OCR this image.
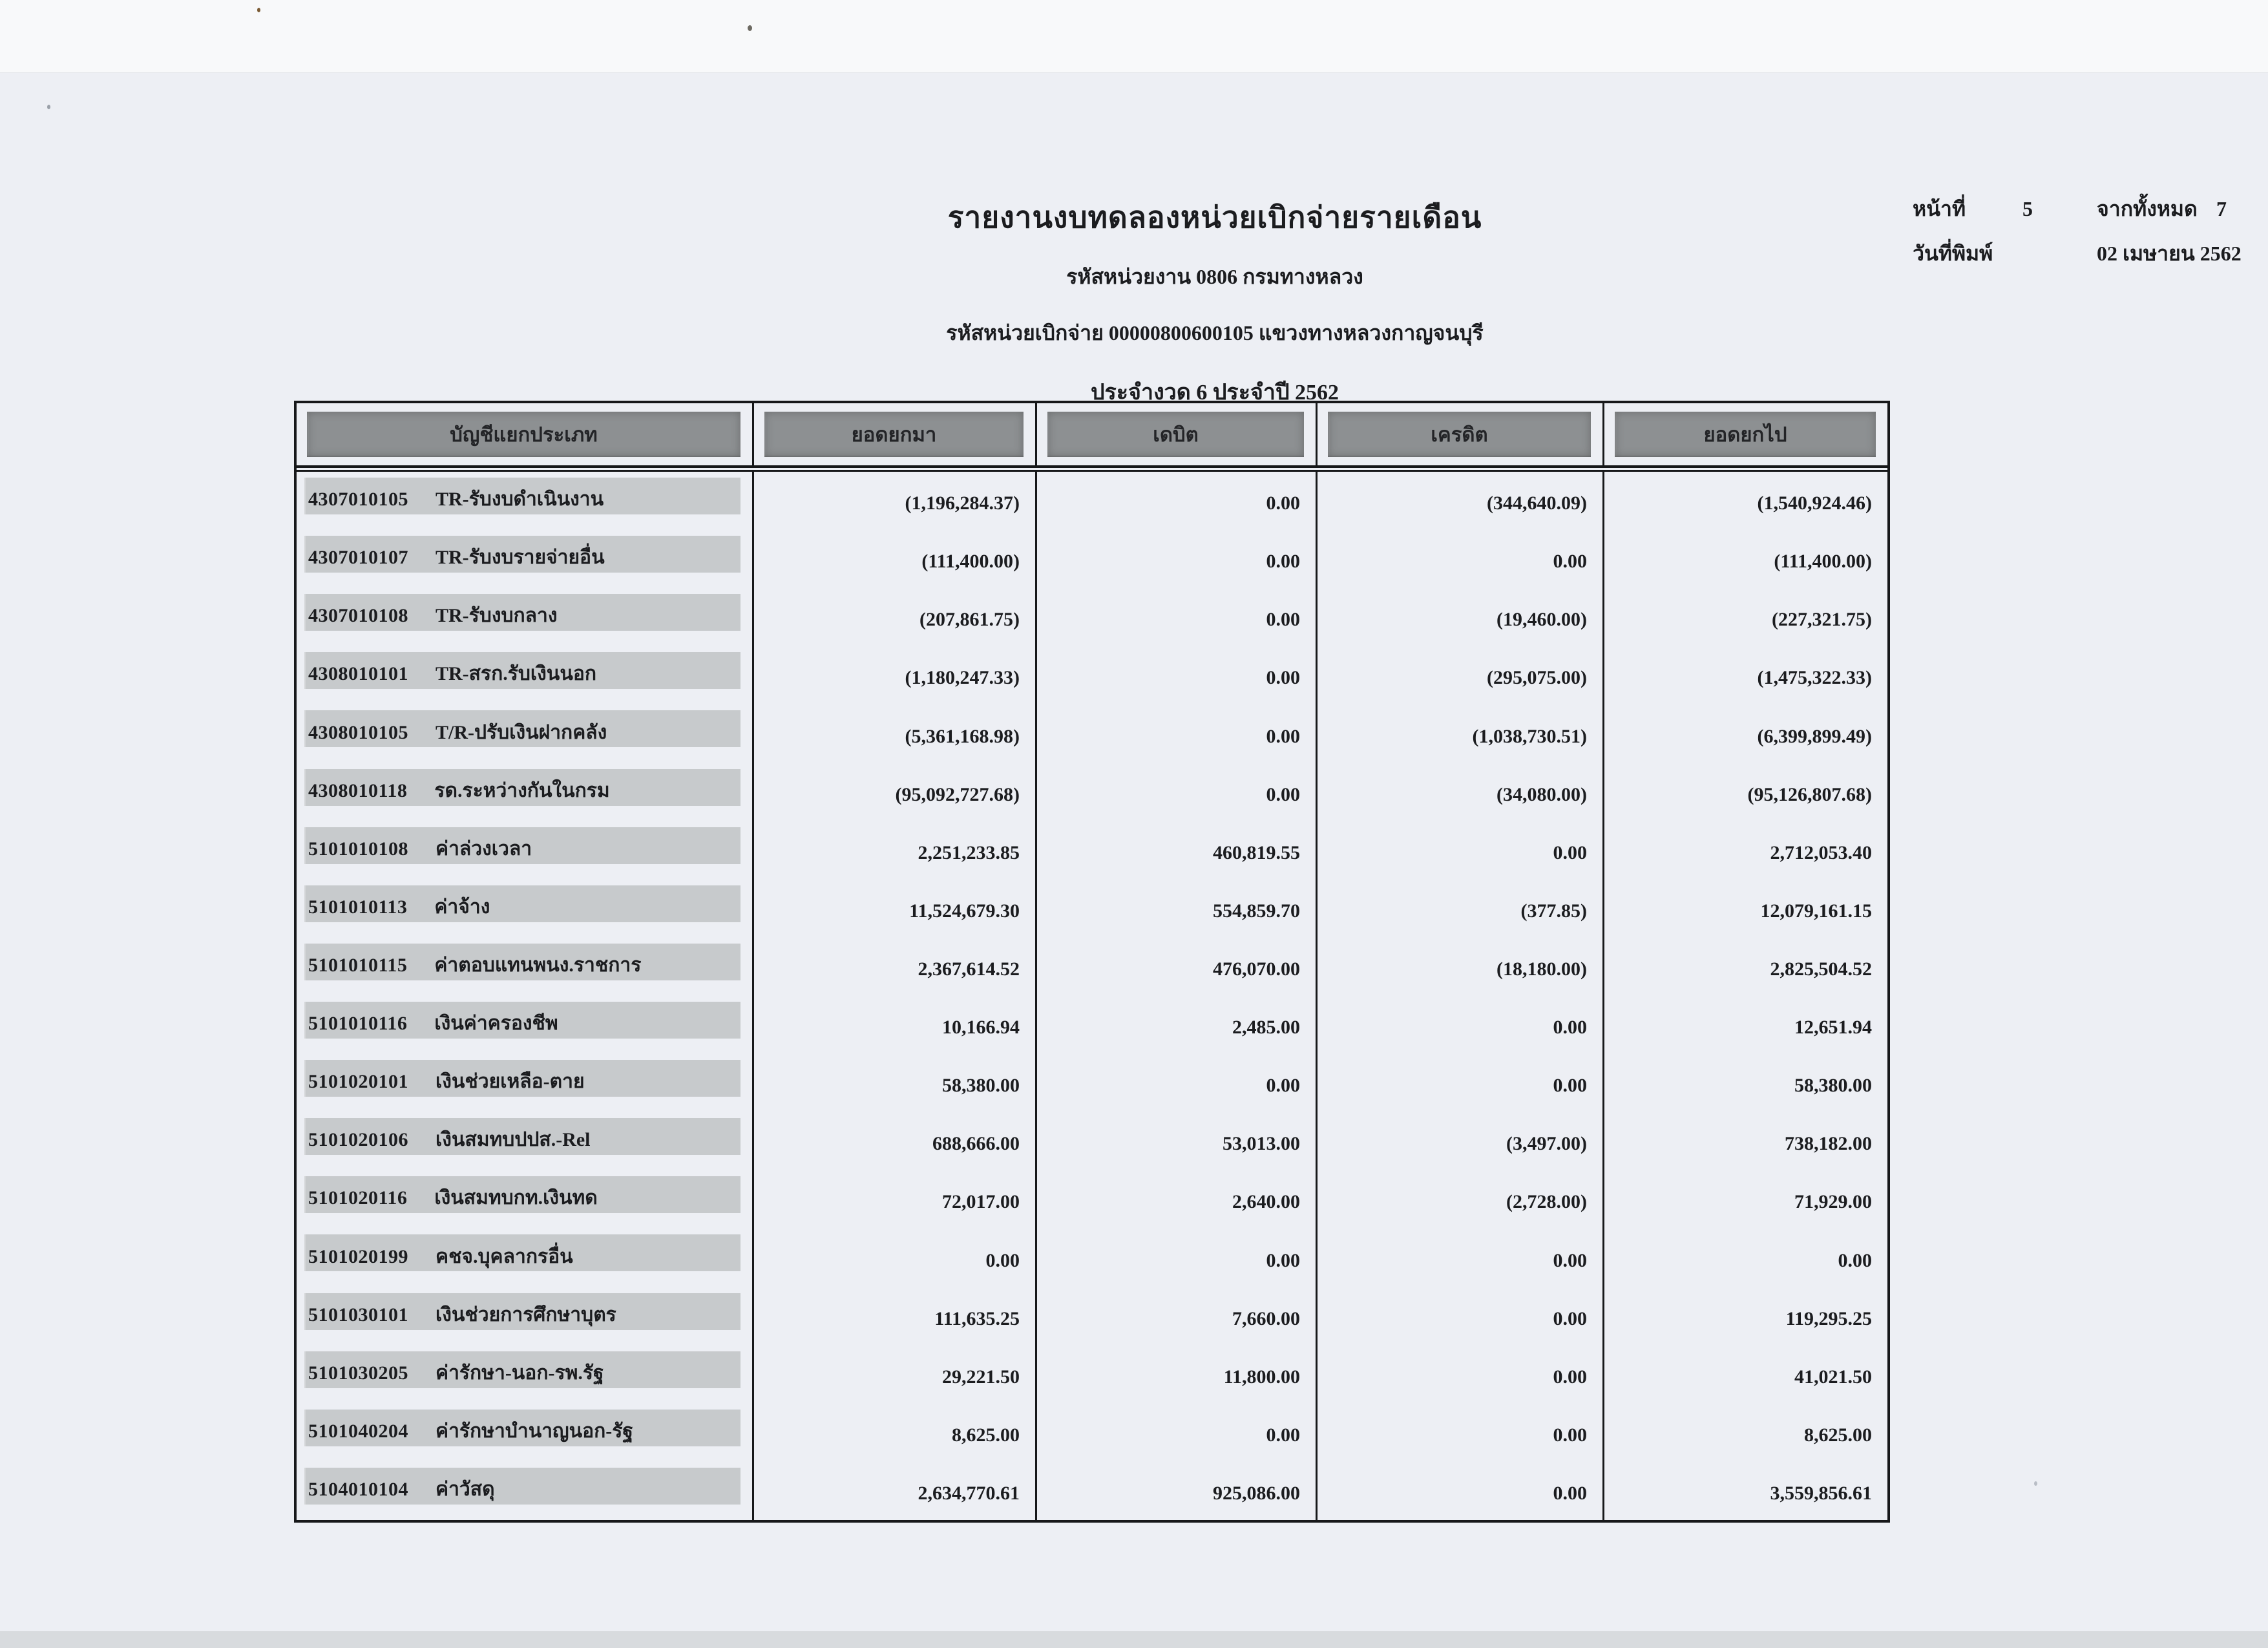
รายงานงบทดลองหน่วยเบิกจ่ายรายเดือน
รหัสหน่วยงาน 0806 กรมทางหลวง
รหัสหน่วยเบิกจ่าย 00000800600105 แขวงทางหลวงกาญจนบุรี
ประจำงวด 6 ประจำปี 2562
หน้าที่	5	จากทั้งหมด 7
วันที่พิมพ์	02 เมษายน 2562
บัญชีแยกประเภท	ยอดยกมา	เดบิต	เครดิต	ยอดยกไป
4307010105 TR-รับงบดำเนินงาน	(1,196,284.37)	0.00	(344,640.09)	(1,540,924.46)
4307010107 TR-รับงบรายจ่ายอื่น	(111,400.00)	0.00	0.00	(111,400.00)
4307010108 TR-รับงบกลาง	(207,861.75)	0.00	(19,460.00)	(227,321.75)
4308010101 TR-สรก.รับเงินนอก	(1,180,247.33)	0.00	(295,075.00)	(1,475,322.33)
4308010105 T/R-ปรับเงินฝากคลัง	(5,361,168.98)	0.00	(1,038,730.51)	(6,399,899.49)
4308010118 รด.ระหว่างกันในกรม	(95,092,727.68)	0.00	(34,080.00)	(95,126,807.68)
5101010108 ค่าล่วงเวลา	2,251,233.85	460,819.55	0.00	2,712,053.40
5101010113 ค่าจ้าง	11,524,679.30	554,859.70	(377.85)	12,079,161.15
5101010115 ค่าตอบแทนพนง.ราชการ	2,367,614.52	476,070.00	(18,180.00)	2,825,504.52
5101010116 เงินค่าครองชีพ	10,166.94	2,485.00	0.00	12,651.94
5101020101 เงินช่วยเหลือ-ตาย	58,380.00	0.00	0.00	58,380.00
5101020106 เงินสมทบปปส.-Rel	688,666.00	53,013.00	(3,497.00)	738,182.00
5101020116 เงินสมทบกท.เงินทด	72,017.00	2,640.00	(2,728.00)	71,929.00
5101020199 คชจ.บุคลากรอื่น	0.00	0.00	0.00	0.00
5101030101 เงินช่วยการศึกษาบุตร	111,635.25	7,660.00	0.00	119,295.25
5101030205 ค่ารักษา-นอก-รพ.รัฐ	29,221.50	11,800.00	0.00	41,021.50
5101040204 ค่ารักษาบำนาญนอก-รัฐ	8,625.00	0.00	0.00	8,625.00
5104010104 ค่าวัสดุ	2,634,770.61	925,086.00	0.00	3,559,856.61
